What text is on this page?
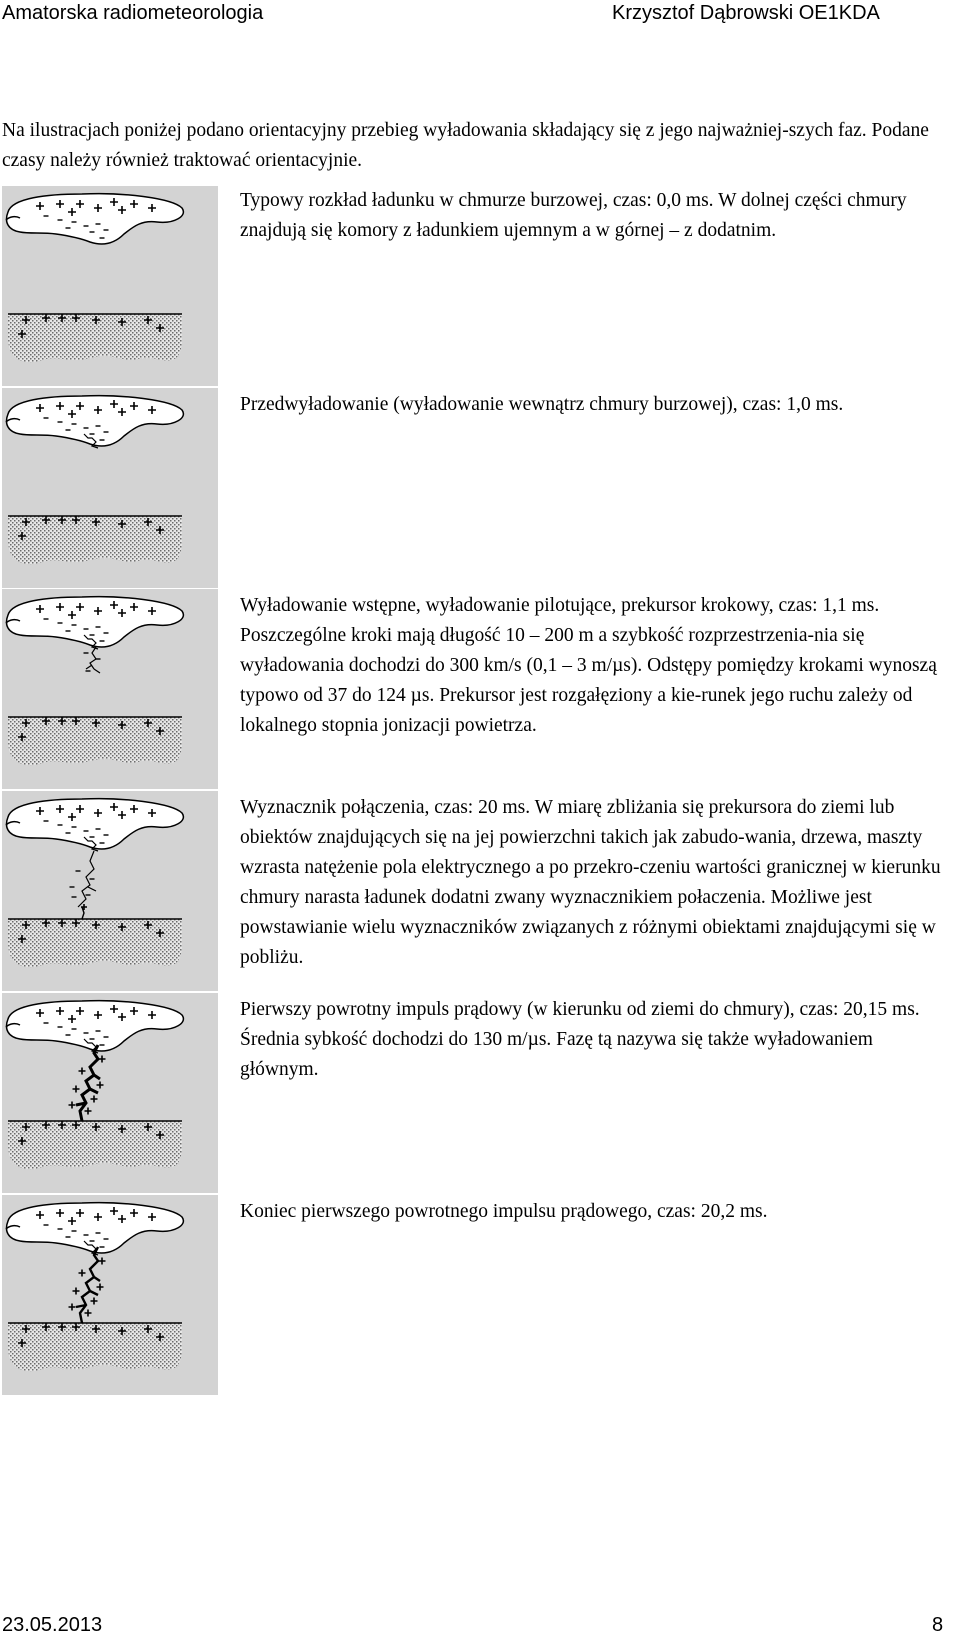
Amatorska radiometeorologia	Krzysztof Dąbrowski OE1KDA
Na ilustracjach poniżej podano orientacyjny przebieg wyładowania składający się z jego najważniej-szych faz. Podane czasy należy również traktować orientacyjnie.
Typowy rozkład ładunku w chmurze burzowej, czas: 0,0 ms. W dolnej części chmury znajdują się komory z ładunkiem ujemnym a w górnej – z dodatnim.
Przedwyładowanie (wyładowanie wewnątrz chmury burzowej), czas: 1,0 ms.
Wyładowanie wstępne, wyładowanie pilotujące, prekursor krokowy, czas: 1,1 ms. Poszczególne kroki mają długość 10 – 200 m a szybkość rozprzestrzenia-nia się wyładowania dochodzi do 300 km/s (0,1 – 3 m/µs). Odstępy pomiędzy krokami wynoszą typowo od 37 do 124 µs. Prekursor jest rozgałęziony a kie-runek jego ruchu zależy od lokalnego stopnia jonizacji powietrza.
Wyznacznik połączenia, czas: 20 ms. W miarę zbliżania się prekursora do ziemi lub obiektów znajdujących się na jej powierzchni takich jak zabudo-wania, drzewa, maszty wzrasta natężenie pola elektrycznego a po przekro-czeniu wartości granicznej w kierunku chmury narasta ładunek dodatni zwany wyznacznikiem połaczenia. Możliwe jest powstawianie wielu wyznaczników związanych z różnymi obiektami znajdującymi się w pobliżu.
Pierwszy powrotny impuls prądowy (w kierunku od ziemi do chmury), czas: 20,15 ms. Średnia sybkość dochodzi do 130 m/µs. Fazę tą nazywa się także wyładowaniem głównym.
Koniec pierwszego powrotnego impulsu prądowego, czas: 20,2 ms.
23.05.2013	8
